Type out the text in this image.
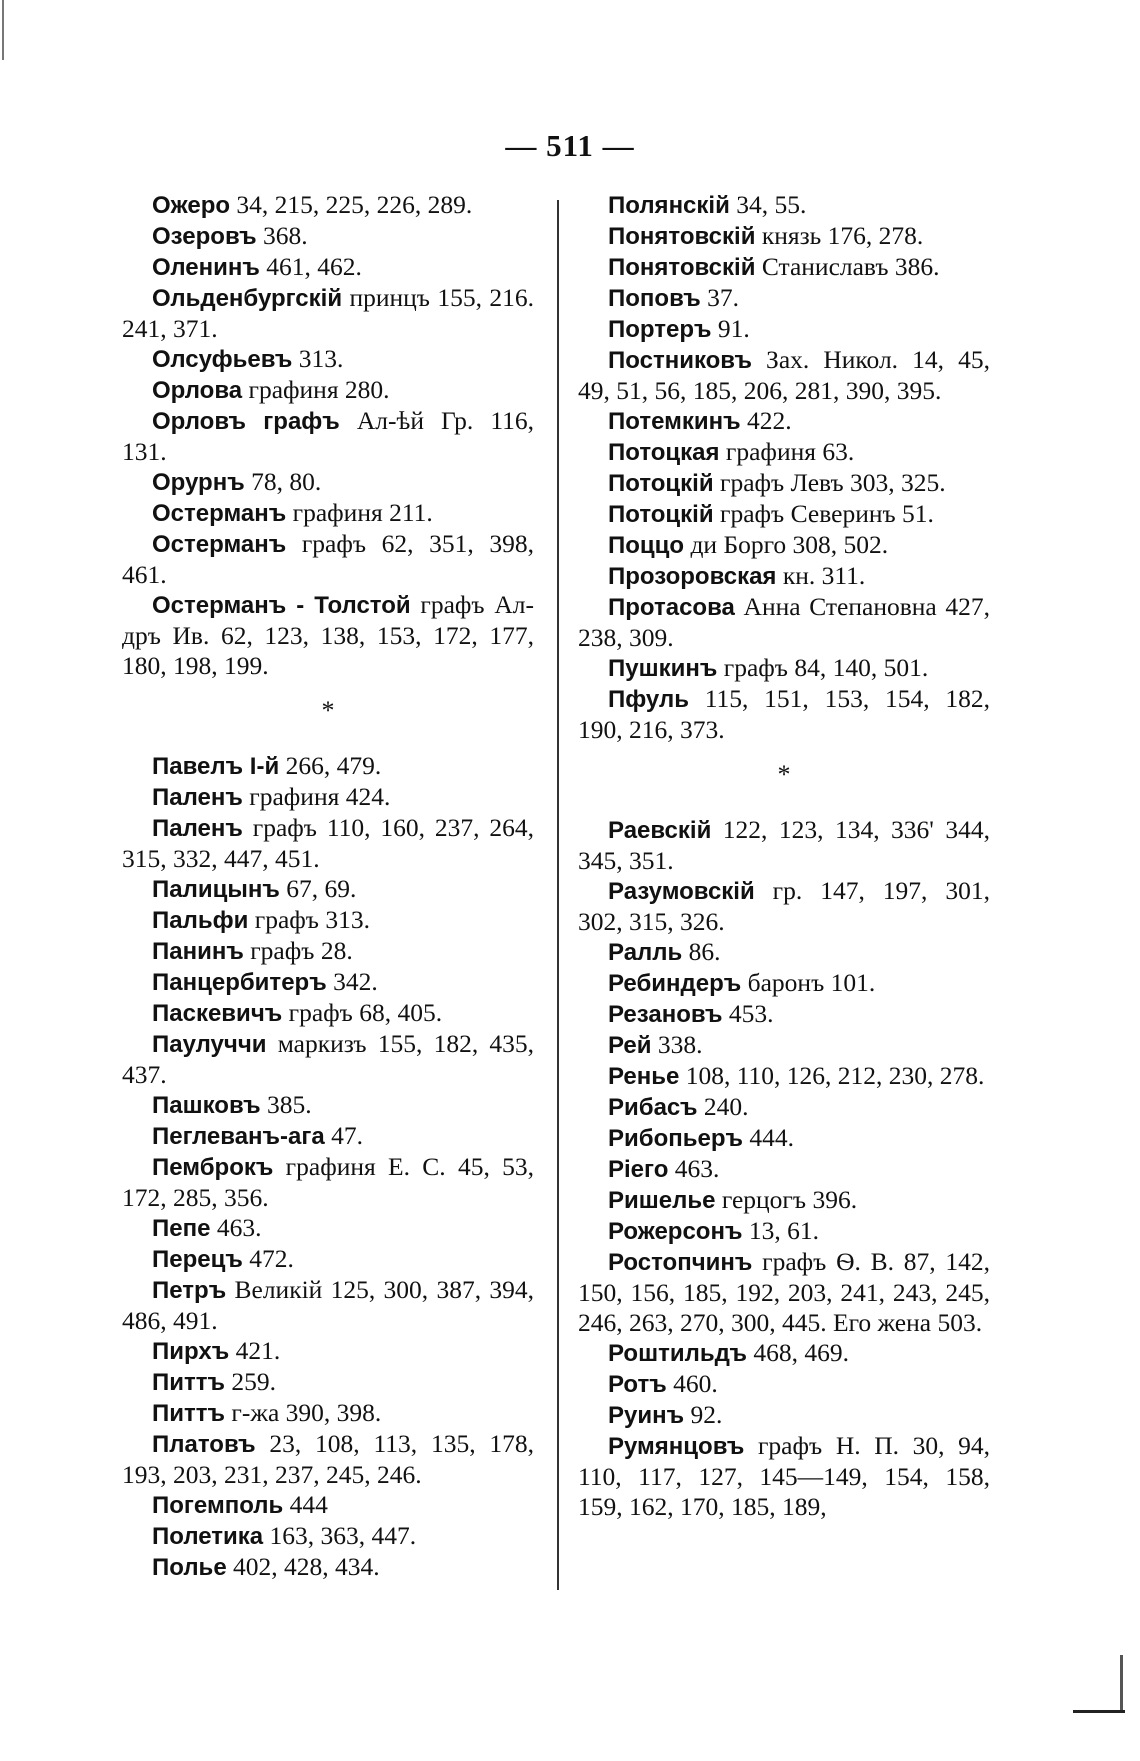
— 511 —

Ожеро 34, 215, 225, 226, 289.

Озеровъ 368.

Оленинъ 461, 462.

Ольденбургскій принцъ 155, 216. 241, 371.

Олсуфьевъ 313.

Орлова графиня 280.

Орловъ графъ Ал-ѣй Гр. 116, 131.

Орурнъ 78, 80.

Остерманъ графиня 211.

Остерманъ графъ 62, 351, 398, 461.

Остерманъ - Толстой графъ Ал-дръ Ив. 62, 123, 138, 153, 172, 177, 180, 198, 199.

*

Павелъ І-й 266, 479.

Паленъ графиня 424.

Паленъ графъ 110, 160, 237, 264, 315, 332, 447, 451.

Палицынъ 67, 69.

Пальфи графъ 313.

Панинъ графъ 28.

Панцербитеръ 342.

Паскевичъ графъ 68, 405.

Паулуччи маркизъ 155, 182, 435, 437.

Пашковъ 385.

Пеглеванъ-ага 47.

Пемброкъ графиня Е. С. 45, 53, 172, 285, 356.

Пепе 463.

Перецъ 472.

Петръ Великій 125, 300, 387, 394, 486, 491.

Пирхъ 421.

Питтъ 259.

Питтъ г-жа 390, 398.

Платовъ 23, 108, 113, 135, 178, 193, 203, 231, 237, 245, 246.

Погемполь 444

Полетика 163, 363, 447.

Полье 402, 428, 434.

Полянскій 34, 55.

Понятовскій князь 176, 278.

Понятовскій Станиславъ 386.

Поповъ 37.

Портеръ 91.

Постниковъ Зах. Никол. 14, 45, 49, 51, 56, 185, 206, 281, 390, 395.

Потемкинъ 422.

Потоцкая графиня 63.

Потоцкій графъ Левъ 303, 325.

Потоцкій графъ Северинъ 51.

Поццо ди Борго 308, 502.

Прозоровская кн. 311.

Протасова Анна Степановна 427, 238, 309.

Пушкинъ графъ 84, 140, 501.

Пфуль 115, 151, 153, 154, 182, 190, 216, 373.

*

Раевскій 122, 123, 134, 336' 344, 345, 351.

Разумовскій гр. 147, 197, 301, 302, 315, 326.

Ралль 86.

Ребиндеръ баронъ 101.

Резановъ 453.

Рей 338.

Ренье 108, 110, 126, 212, 230, 278.

Рибасъ 240.

Рибопьеръ 444.

Ріего 463.

Ришелье герцогъ 396.

Рожерсонъ 13, 61.

Ростопчинъ графъ Ѳ. В. 87, 142, 150, 156, 185, 192, 203, 241, 243, 245, 246, 263, 270, 300, 445. Его жена 503.

Роштильдъ 468, 469.

Ротъ 460.

Руинъ 92.

Румянцовъ графъ Н. П. 30, 94, 110, 117, 127, 145—149, 154, 158, 159, 162, 170, 185, 189,
